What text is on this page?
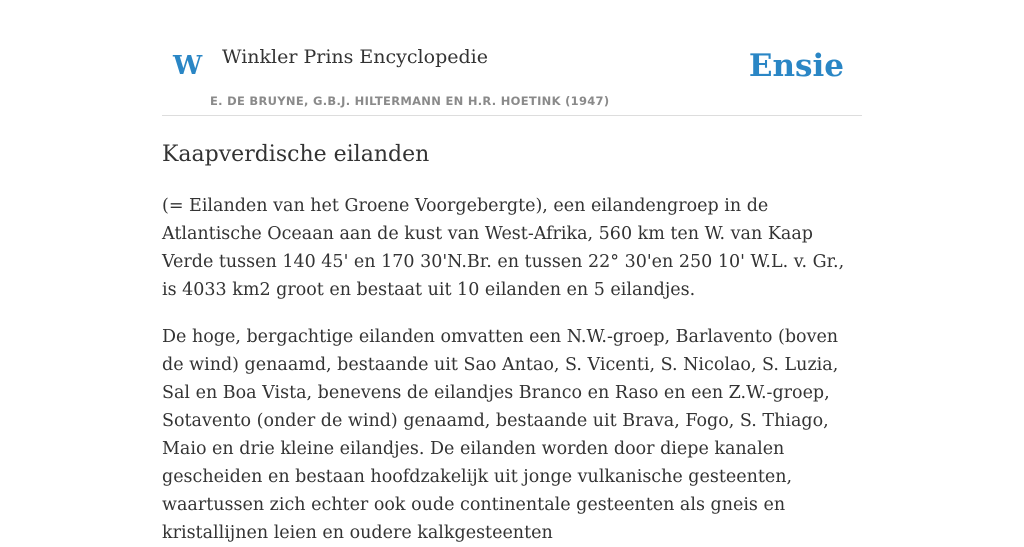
W Winkler Prins Encyclopedie
E. DE BRUYNE, G.B.J. HILTERMANN EN H.R. HOETINK (1947)
Ensie
Kaapverdische eilanden

(= Eilanden van het Groene Voorgebergte), een eilandengroep in de Atlantische Oceaan aan de kust van West-Afrika, 560 km ten W. van Kaap Verde tussen 140 45' en 170 30'N.Br. en tussen 22° 30'en 250 10' W.L. v. Gr., is 4033 km2 groot en bestaat uit 10 eilanden en 5 eilandjes.

De hoge, bergachtige eilanden omvatten een N.W.-groep, Barlavento (boven de wind) genaamd, bestaande uit Sao Antao, S. Vicenti, S. Nicolao, S. Luzia, Sal en Boa Vista, benevens de eilandjes Branco en Raso en een Z.W.-groep, Sotavento (onder de wind) genaamd, bestaande uit Brava, Fogo, S. Thiago, Maio en drie kleine eilandjes. De eilanden worden door diepe kanalen gescheiden en bestaan hoofdzakelijk uit jonge vulkanische gesteenten, waartussen zich echter ook oude continentale gesteenten als gneis en kristallijnen leien en oudere kalkgesteenten
